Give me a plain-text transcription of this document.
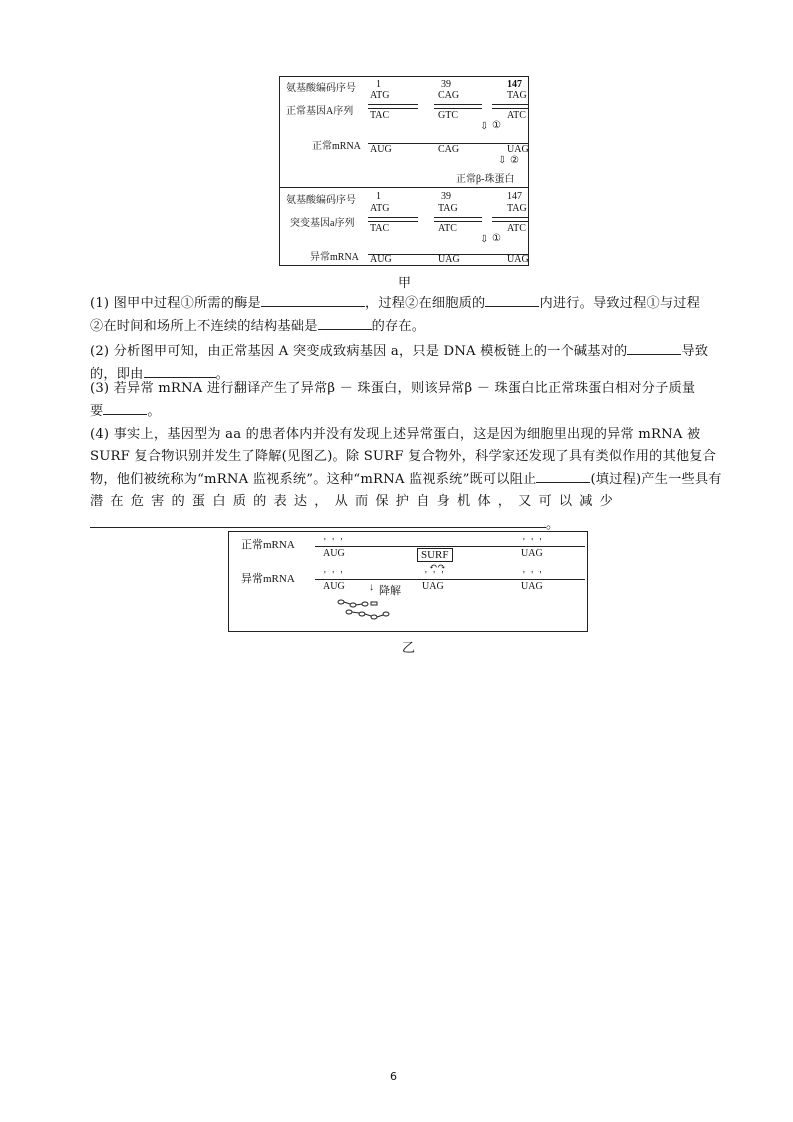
氨基酸编码序号 1	39	147
正常基因A序列
ATG	CAG	TAG
TAC	GTC	ATC
⇩ ①
正常mRNA AUG	CAG	UAG
⇩ ②
正常β-珠蛋白
氨基酸编码序号 1	39	147
突变基因a序列
ATG	TAG	TAG
TAC	ATC	ATC
⇩ ①
异常mRNA AUG	UAG	UAG
甲
(1) 图甲中过程①所需的酶是	，过程②在细胞质的	内进行。导致过程①与过程
②在时间和场所上不连续的结构基础是	的存在。
(2) 分析图甲可知，由正常基因 A 突变成致病基因 a，只是 DNA 模板链上的一个碱基对的	导致
的，即由	。
(3) 若异常 mRNA 进行翻译产生了异常β － 珠蛋白，则该异常β － 珠蛋白比正常珠蛋白相对分子质量
要	。
(4) 事实上，基因型为 aa 的患者体内并没有发现上述异常蛋白，这是因为细胞里出现的异常 mRNA 被
SURF 复合物识别并发生了降解(见图乙)。除 SURF 复合物外，科学家还发现了具有类似作用的其他复合
物，他们被统称为“mRNA 监视系统”。这种“mRNA 监视系统”既可以阻止	(填过程)产生一些具有
潜在危害的蛋白质的表达，从而保护自身机体，又可以减少
。
正常mRNA	' ' '	' ' '
AUG	UAG
SURF
↶↷
异常mRNA	' ' '	' ' '	' ' '
AUG	UAG	UAG
↓ 降解
乙
6
